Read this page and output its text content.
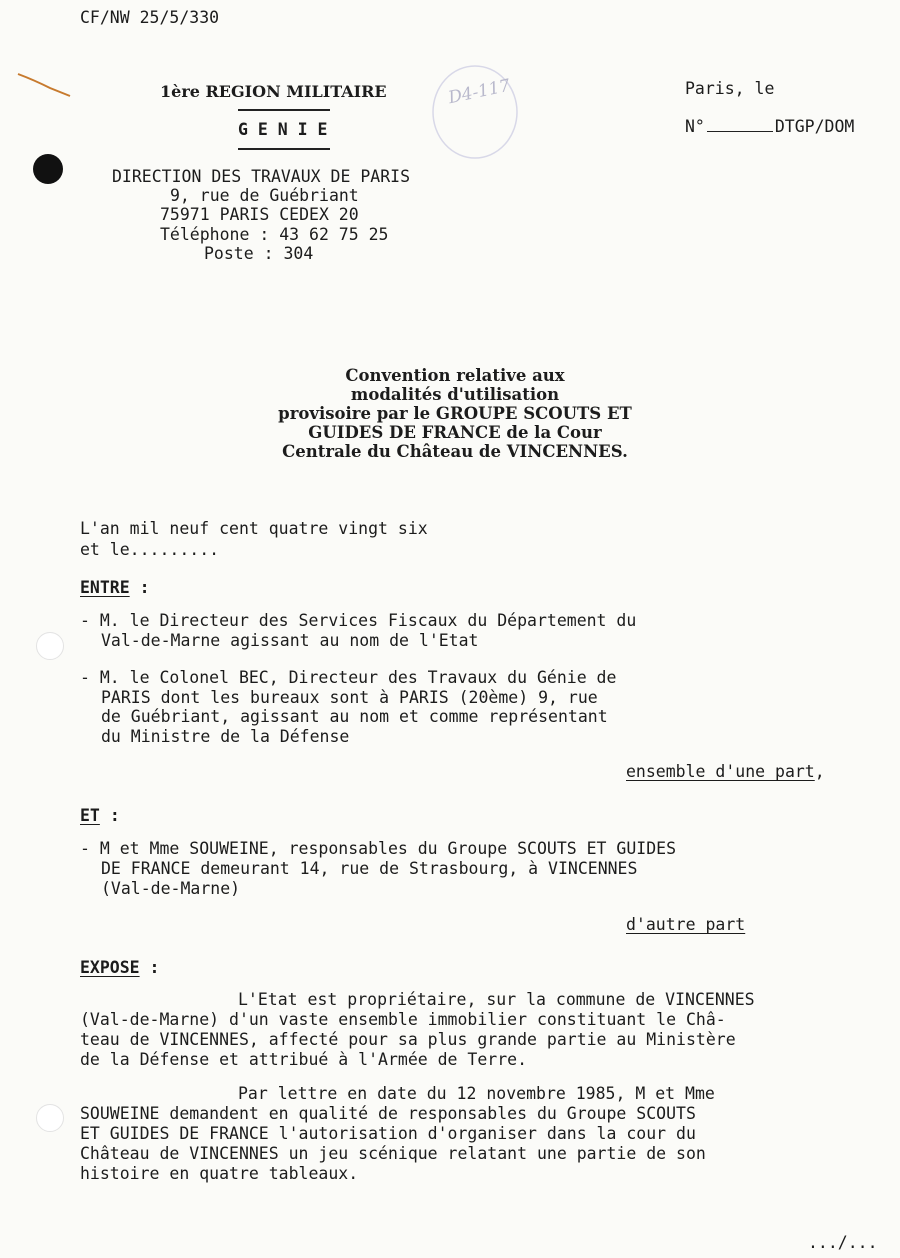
CF/NW 25/5/330
D4-117
1ère REGION MILITAIRE
G E N I E
Paris, le
N°	DTGP/DOM
DIRECTION DES TRAVAUX DE PARIS
9, rue de Guébriant
75971 PARIS CEDEX 20
Téléphone : 43 62 75 25
Poste : 304
Convention relative aux
modalités d'utilisation
provisoire par le GROUPE SCOUTS ET
GUIDES DE FRANCE de la Cour
Centrale du Château de VINCENNES.
L'an mil neuf cent quatre vingt six
et le.........
ENTRE :
- M. le Directeur des Services Fiscaux du Département du
Val-de-Marne agissant au nom de l'Etat
- M. le Colonel BEC, Directeur des Travaux du Génie de
PARIS dont les bureaux sont à PARIS (20ème) 9, rue
de Guébriant, agissant au nom et comme représentant
du Ministre de la Défense
ensemble d'une part,
ET :
- M et Mme SOUWEINE, responsables du Groupe SCOUTS ET GUIDES
DE FRANCE demeurant 14, rue de Strasbourg, à VINCENNES
(Val-de-Marne)
d'autre part
EXPOSE :
L'Etat est propriétaire, sur la commune de VINCENNES
(Val-de-Marne) d'un vaste ensemble immobilier constituant le Châ-
teau de VINCENNES, affecté pour sa plus grande partie au Ministère
de la Défense et attribué à l'Armée de Terre.
Par lettre en date du 12 novembre 1985, M et Mme
SOUWEINE demandent en qualité de responsables du Groupe SCOUTS
ET GUIDES DE FRANCE l'autorisation d'organiser dans la cour du
Château de VINCENNES un jeu scénique relatant une partie de son
histoire en quatre tableaux.
.../...
